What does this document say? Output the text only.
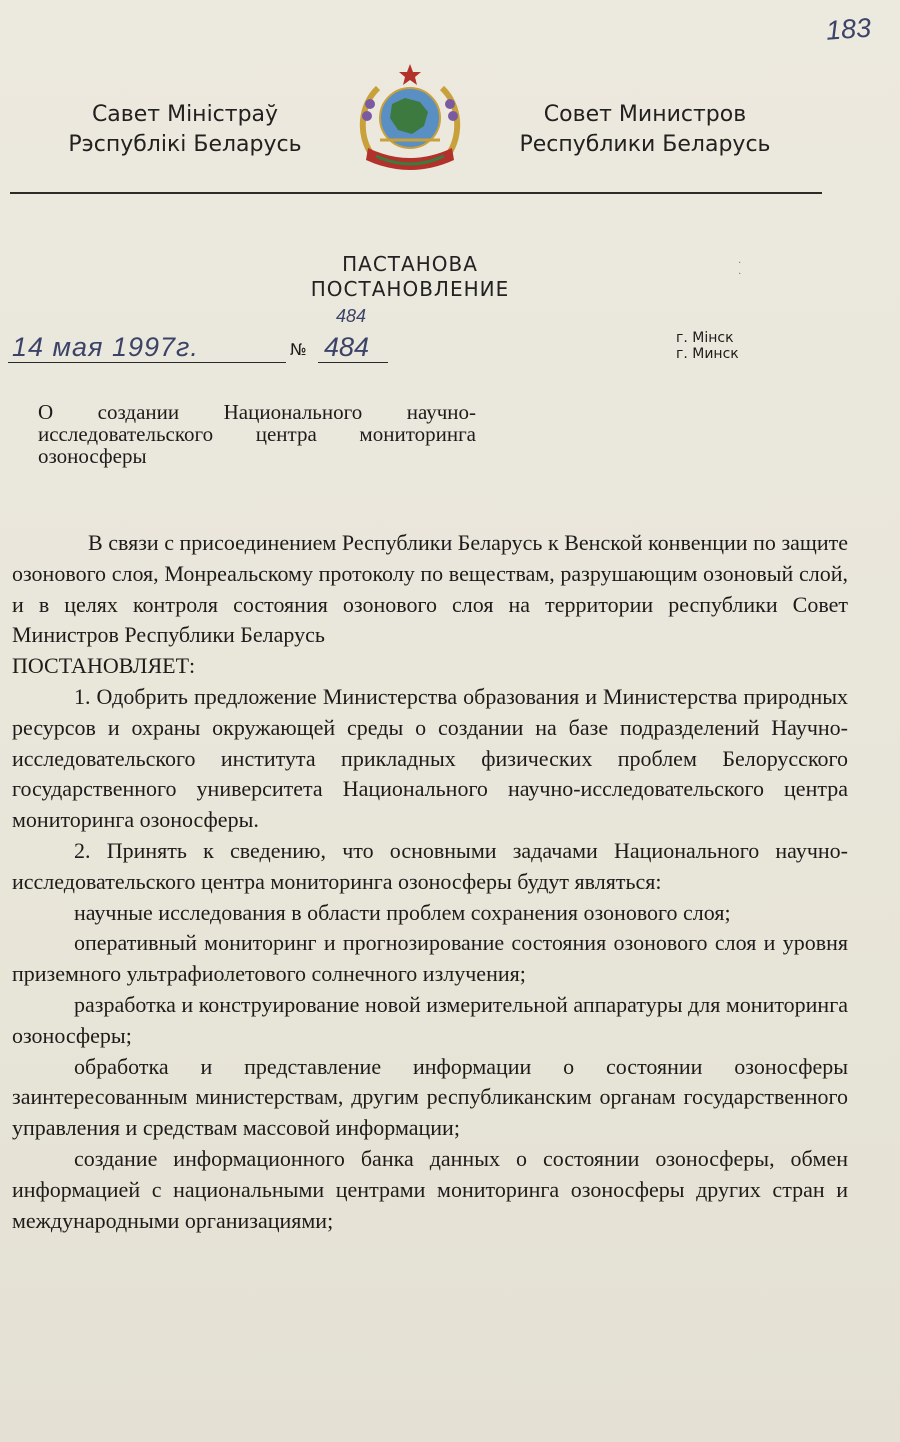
183
Савет Міністраў
Рэспублікі Беларусь
Совет Министров
Республики Беларусь
ПАСТАНОВА
ПОСТАНОВЛЕНИЕ
·
·
14 мая 1997г.	№
484
484	г. Мінск
г. Минск
О создании Национального научно-исследовательского центра мониторинга озоносферы

В связи с присоединением Республики Беларусь к Венской конвенции по защите озонового слоя, Монреальскому протоколу по веществам, разрушающим озоновый слой, и в целях контроля состояния озонового слоя на территории республики Совет Министров Республики Беларусь

ПОСТАНОВЛЯЕТ:

1. Одобрить предложение Министерства образования и Министерства природных ресурсов и охраны окружающей среды о создании на базе подразделений Научно-исследовательского института прикладных физических проблем Белорусского государственного университета Национального научно-исследовательского центра мониторинга озоносферы.

2. Принять к сведению, что основными задачами Национального научно-исследовательского центра мониторинга озоносферы будут являться:

научные исследования в области проблем сохранения озонового слоя;

оперативный мониторинг и прогнозирование состояния озонового слоя и уровня приземного ультрафиолетового солнечного излучения;

разработка и конструирование новой измерительной аппаратуры для мониторинга озоносферы;

обработка и представление информации о состоянии озоносферы заинтересованным министерствам, другим республиканским органам государственного управления и средствам массовой информации;

создание информационного банка данных о состоянии озоносферы, обмен информацией с национальными центрами мониторинга озоносферы других стран и международными организациями;
